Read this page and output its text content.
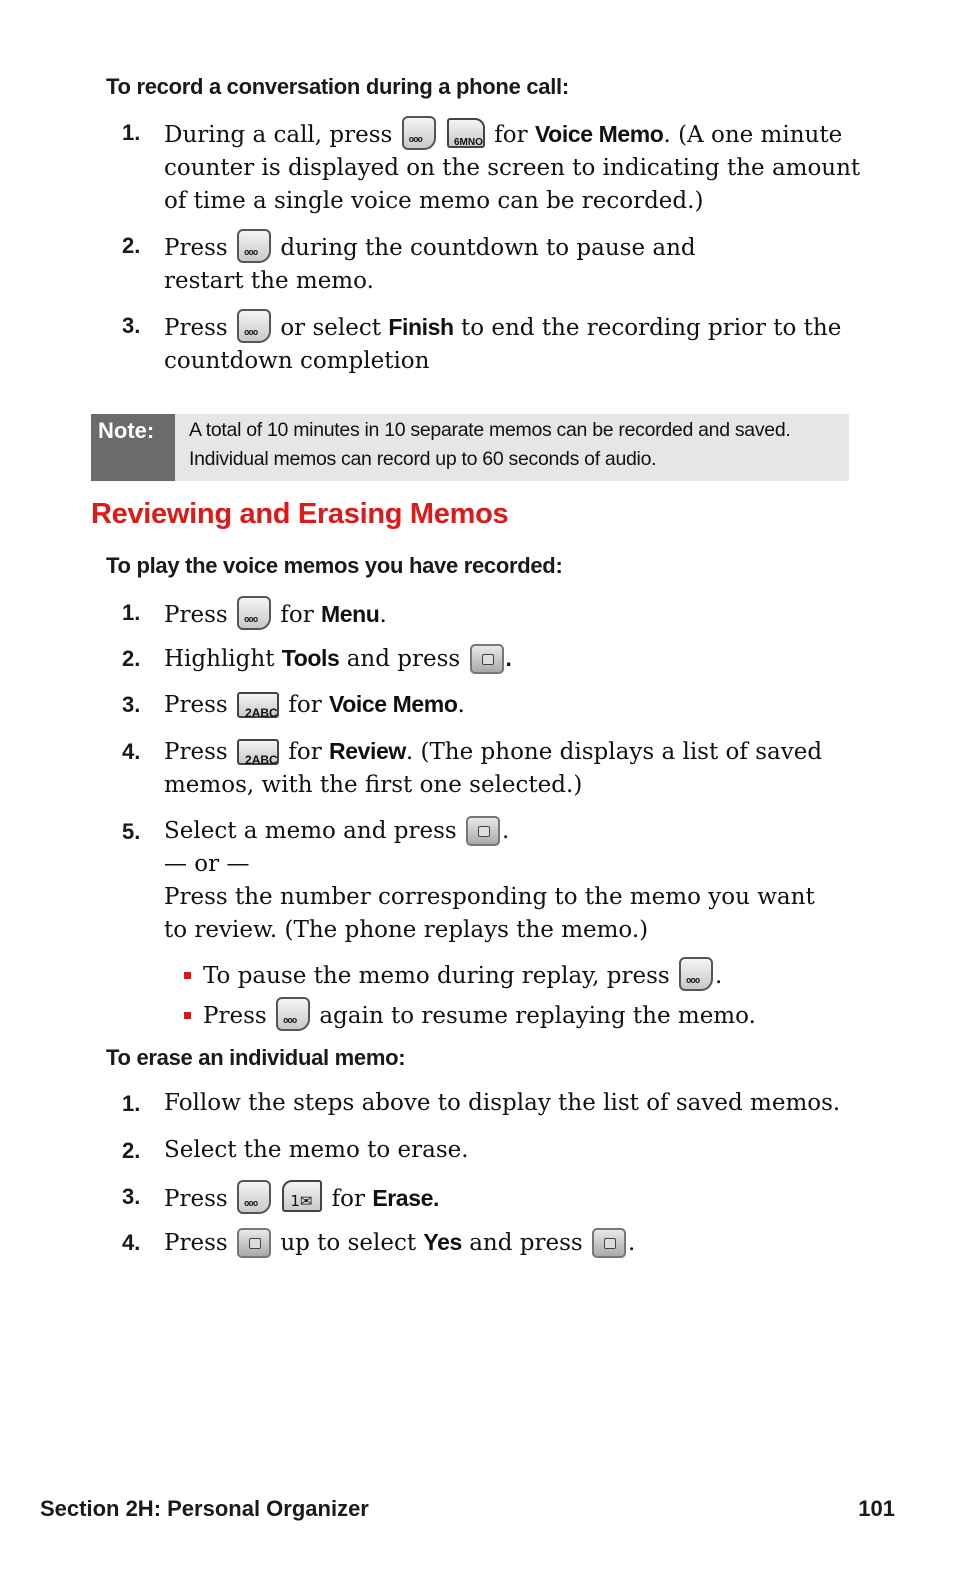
To record a conversation during a phone call:
1.	During a call, press ooo 6MNO	for Voice Memo. (A one minute counter is displayed on the screen to indicating the amount of time a single voice memo can be recorded.)
2.	Press ooo during the countdown to pause and restart the memo.
3.	Press ooo or select Finish to end the recording prior to the countdown completion
Note:	A total of 10 minutes in 10 separate memos can be recorded and saved.
Individual memos can record up to 60 seconds of audio.
Reviewing and Erasing Memos
To play the voice memos you have recorded:
1.	Press ooo for Menu.
2.	Highlight Tools and press .
3.	Press 2ABC	for Voice Memo.
4.	Press 2ABC	for Review. (The phone displays a list of saved memos, with the first one selected.)
5.	Select a memo and press .
— or —
Press the number corresponding to the memo you want to review. (The phone replays the memo.)
To pause the memo during replay, press ooo .
Press ooo again to resume replaying the memo.
To erase an individual memo:
1.	Follow the steps above to display the list of saved memos.
2.	Select the memo to erase.
3.	Press ooo 1✉	for Erase.
4.	Press up to select Yes and press .
Section 2H: Personal Organizer	101
